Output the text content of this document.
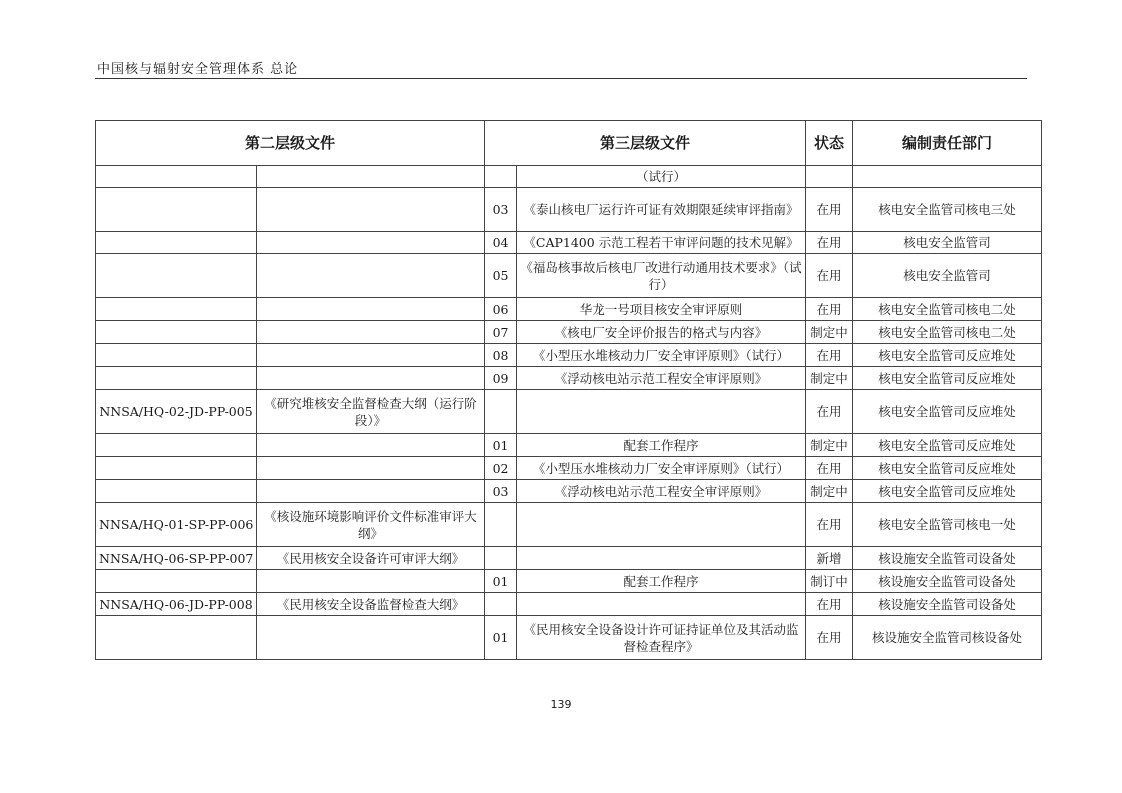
中国核与辐射安全管理体系 总论
第二层级文件		第三层级文件		状态	编制责任部门
			（试行）		
		03	《泰山核电厂运行许可证有效期限延续审评指南》	在用	核电安全监管司核电三处
		04	《CAP1400 示范工程若干审评问题的技术见解》	在用	核电安全监管司
		05	《福岛核事故后核电厂改进行动通用技术要求》（试行）	在用	核电安全监管司
		06	华龙一号项目核安全审评原则	在用	核电安全监管司核电二处
		07	《核电厂安全评价报告的格式与内容》	制定中	核电安全监管司核电二处
		08	《小型压水堆核动力厂安全审评原则》（试行）	在用	核电安全监管司反应堆处
		09	《浮动核电站示范工程安全审评原则》	制定中	核电安全监管司反应堆处
NNSA/HQ-02-JD-PP-005	《研究堆核安全监督检查大纲（运行阶段）》			在用	核电安全监管司反应堆处
		01	配套工作程序	制定中	核电安全监管司反应堆处
		02	《小型压水堆核动力厂安全审评原则》（试行）	在用	核电安全监管司反应堆处
		03	《浮动核电站示范工程安全审评原则》	制定中	核电安全监管司反应堆处
NNSA/HQ-01-SP-PP-006	《核设施环境影响评价文件标准审评大纲》			在用	核电安全监管司核电一处
NNSA/HQ-06-SP-PP-007	《民用核安全设备许可审评大纲》			新增	核设施安全监管司设备处
		01	配套工作程序	制订中	核设施安全监管司设备处
NNSA/HQ-06-JD-PP-008	《民用核安全设备监督检查大纲》			在用	核设施安全监管司设备处
		01	《民用核安全设备设计许可证持证单位及其活动监督检查程序》	在用	核设施安全监管司核设备处
139
